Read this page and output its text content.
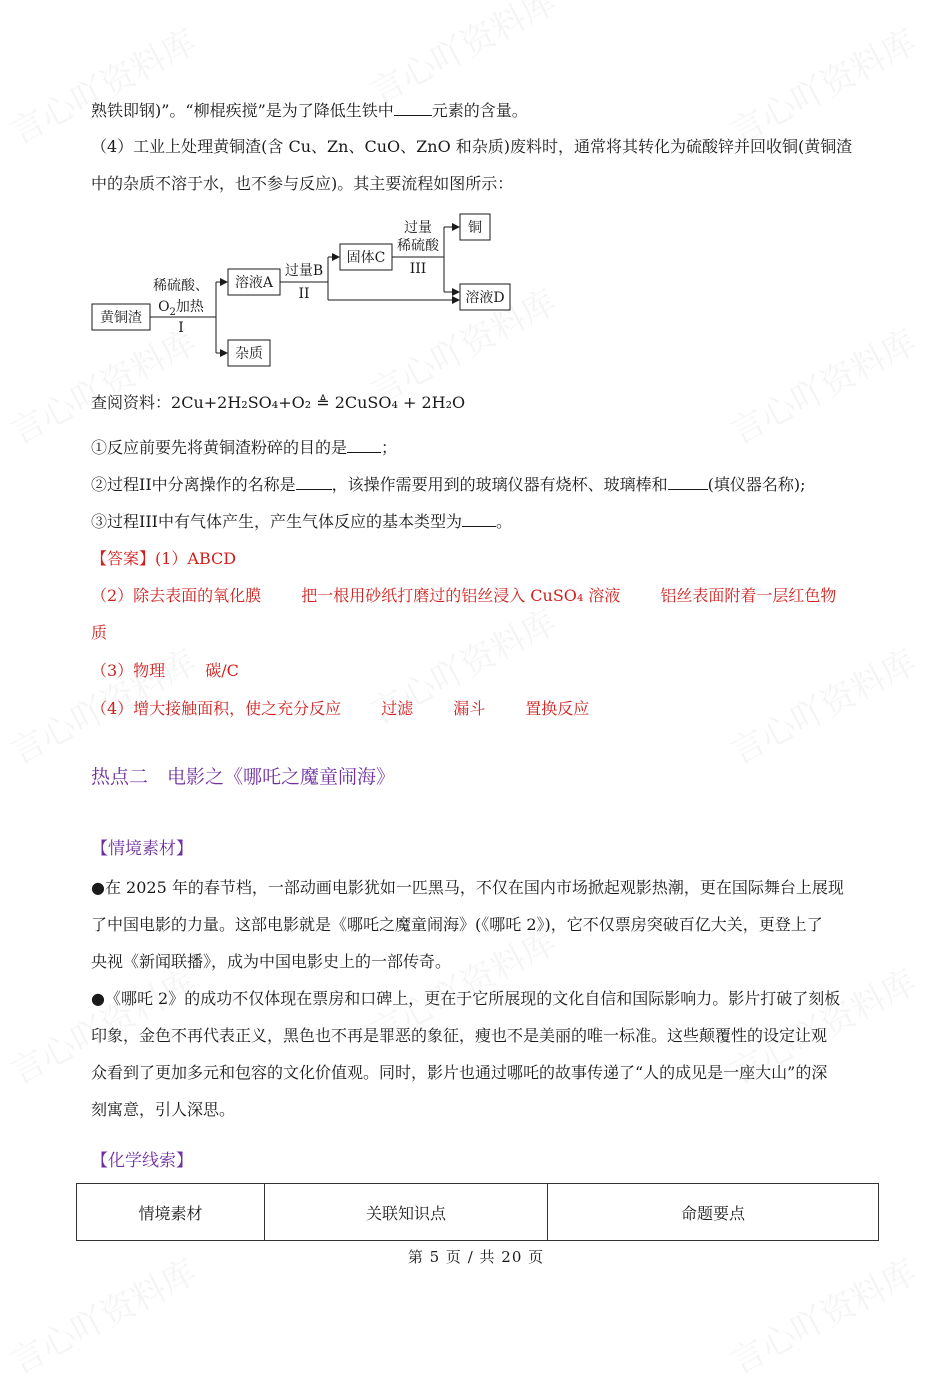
熟铁即钢)”。“柳棍疾搅”是为了降低生铁中 元素的含量。
（4）工业上处理黄铜渣(含 Cu、Zn、CuO、ZnO 和杂质)废料时，通常将其转化为硫酸锌并回收铜(黄铜渣
中的杂质不溶于水，也不参与反应)。其主要流程如图所示：
黄铜渣
溶液A
杂质
固体C
铜
溶液D
稀硫酸、
$O_2$加热
I
过量B
II
过量
稀硫酸
III
查阅资料：2Cu+2H₂SO₄+O₂ ≜ 2CuSO₄ + 2H₂O
①反应前要先将黄铜渣粉碎的目的是 ；
②过程II中分离操作的名称是 ，该操作需要用到的玻璃仪器有烧杯、玻璃棒和	(填仪器名称);
③过程III中有气体产生，产生气体反应的基本类型为 。
【答案】(1）ABCD
（2）除去表面的氧化膜	把一根用砂纸打磨过的铝丝浸入 CuSO₄ 溶液	铝丝表面附着一层红色物
质
（3）物理	碳/C
（4）增大接触面积，使之充分反应	过滤	漏斗	置换反应
热点二　电影之《哪吒之魔童闹海》
【情境素材】
●在 2025 年的春节档，一部动画电影犹如一匹黑马，不仅在国内市场掀起观影热潮，更在国际舞台上展现
了中国电影的力量。这部电影就是《哪吒之魔童闹海》(《哪吒 2》)，它不仅票房突破百亿大关，更登上了
央视《新闻联播》，成为中国电影史上的一部传奇。
●《哪吒 2》的成功不仅体现在票房和口碑上，更在于它所展现的文化自信和国际影响力。影片打破了刻板
印象，金色不再代表正义，黑色也不再是罪恶的象征，瘦也不是美丽的唯一标准。这些颠覆性的设定让观
众看到了更加多元和包容的文化价值观。同时，影片也通过哪吒的故事传递了“人的成见是一座大山”的深
刻寓意，引人深思。
【化学线索】
情境素材	关联知识点	命题要点
第 5 页 / 共 20 页
